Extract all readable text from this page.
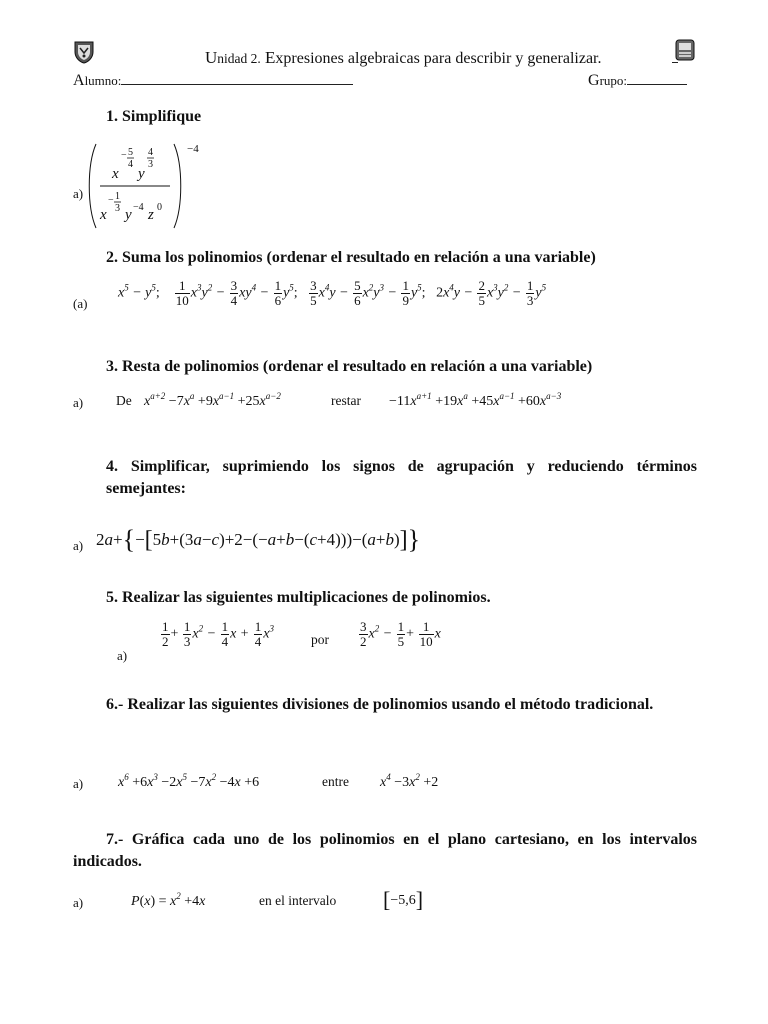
Unidad 2. Expresiones algebraicas para describir y generalizar.
Alumno:	Grupo:
1. Simplifique
a)
−4
x
− 5
4
y
4
3
x
− 1
3 y −4 z 0
2. Suma los polinomios (ordenar el resultado en relación a una variable)
(a)
$x^5 - y^5$; $\frac{1}{10} x^3y^2 - \frac{3}{4} xy^4 - \frac{1}{6} y^5$; $\frac{3}{5} x^4y - \frac{5}{6} x^2y^3 - \frac{1}{9} y^5$; $2x^4y - \frac{2}{5} x^3y^2 - \frac{1}{3} y^5$
3. Resta de polinomios (ordenar el resultado en relación a una variable)
a) De $x^{a+2} -7x^a +9x^{a-1} +25x^{a-2}$	restar $-11x^{a+1} +19x^a +45x^{a-1} +60x^{a-3}$
4. Simplificar, suprimiendo los signos de agrupación y reduciendo términos semejantes:
a) 2a+{−[5b+(3a−c)+2−(−a+b−(c+4)))−(a+b)]}
5. Realizar las siguientes multiplicaciones de polinomios.
a)
$\frac{1}{2} + \frac{1}{3} x^2 - \frac{1}{4}$ $x + \frac{1}{4} x^3$
por $\frac{3}{2} x^2 - \frac{1}{5} + \frac{1}{10}$ x
6.- Realizar las siguientes divisiones de polinomios usando el método tradicional.
a) $x^6 +6x^3 -2x^5 -7x^2 -4x +6$	entre $x^4 -3x^2 +2$
7.- Gráfica cada uno de los polinomios en el plano cartesiano, en los intervalos indicados.
a)	$P(x) = x^2 +4x$	en el intervalo [−5,6]
